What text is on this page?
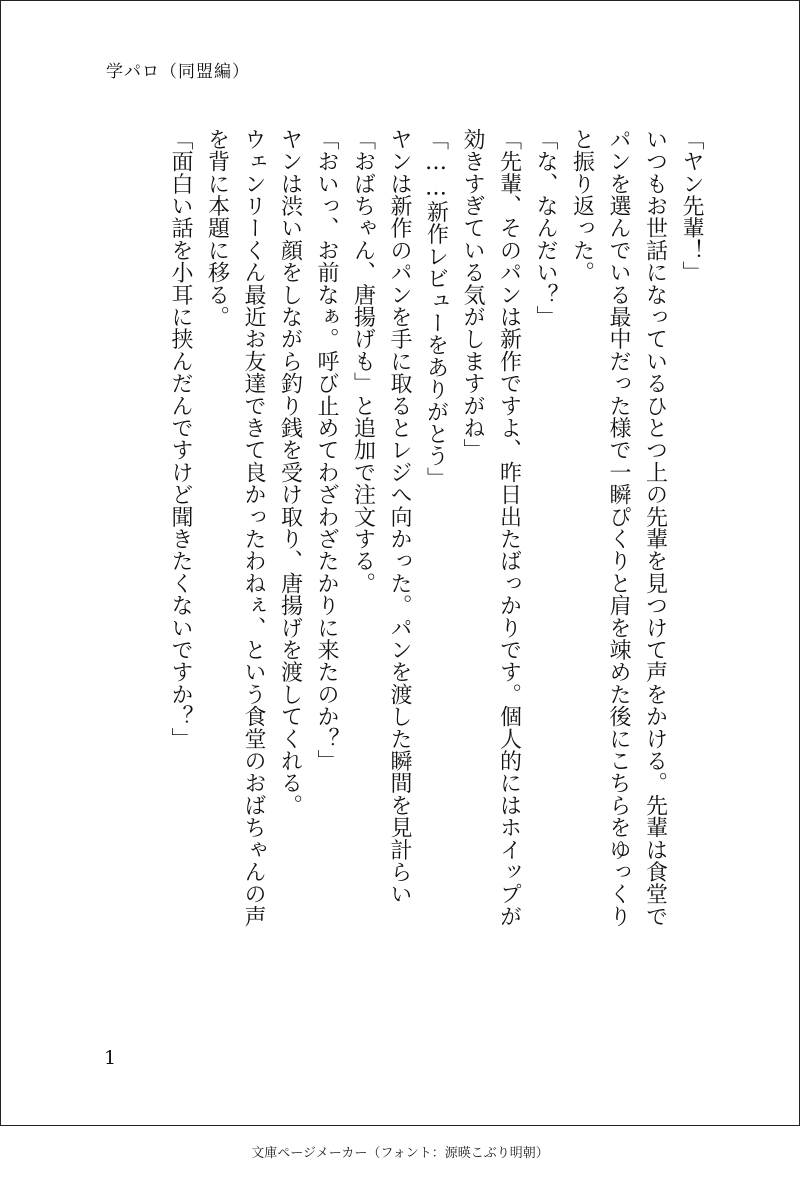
学パロ（同盟編）

「ヤン先輩！」

いつもお世話になっているひとつ上の先輩を見つけて声をかける。先輩は食堂で

パンを選んでいる最中だった様で一瞬ぴくりと肩を竦めた後にこちらをゆっくり

と振り返った。

「な、なんだい？」

「先輩、そのパンは新作ですよ、昨日出たばっかりです。個人的にはホイップが

効きすぎている気がしますがね」

「……新作レビューをありがとう」

ヤンは新作のパンを手に取るとレジへ向かった。パンを渡した瞬間を見計らい

「おばちゃん、唐揚げも」と追加で注文する。

「おいっ、お前なぁ。呼び止めてわざわざたかりに来たのか？」

ヤンは渋い顔をしながら釣り銭を受け取り、唐揚げを渡してくれる。

ウェンリーくん最近お友達できて良かったわねぇ、という食堂のおばちゃんの声

を背に本題に移る。

「面白い話を小耳に挟んだんですけど聞きたくないですか？」

1
文庫ページメーカー（フォント：源暎こぶり明朝）
